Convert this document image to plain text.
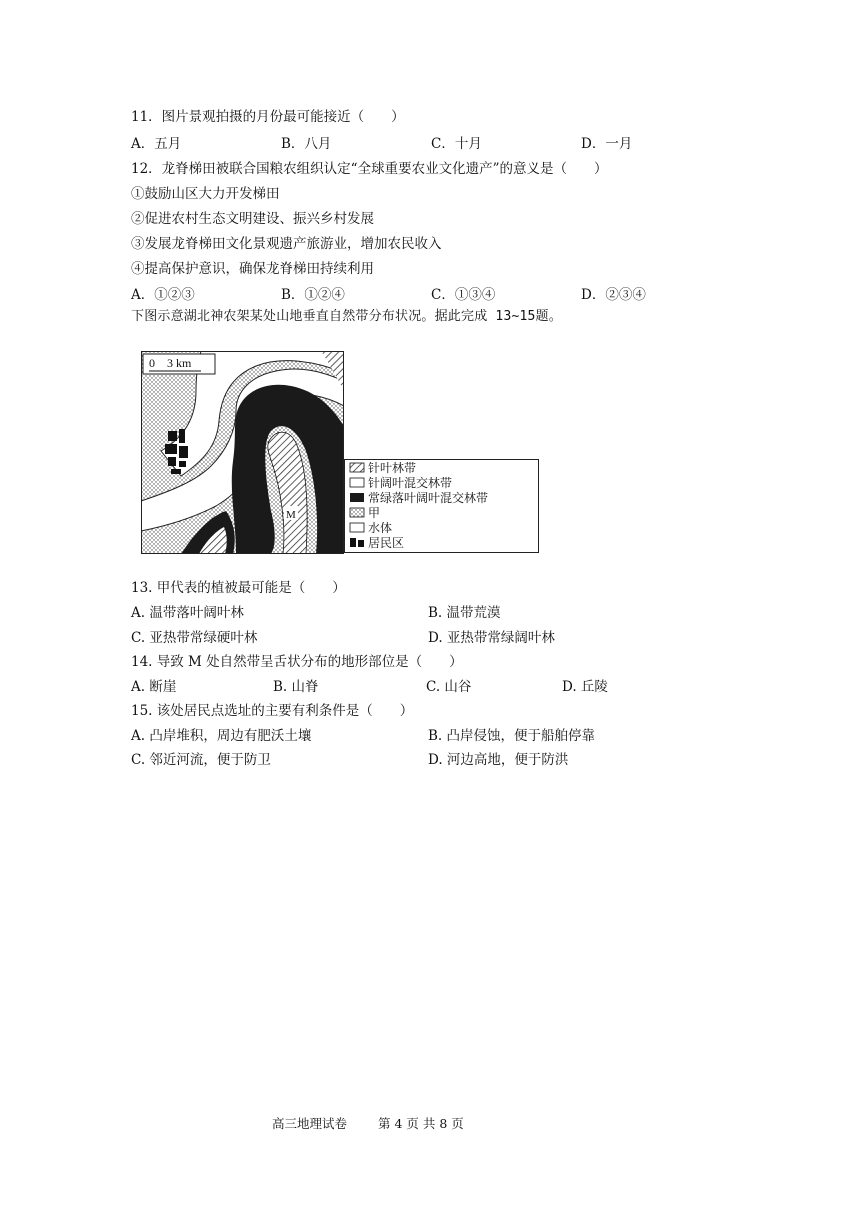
11．图片景观拍摄的月份最可能接近（　　）
A．五月	B．八月	C．十月	D．一月
12．龙脊梯田被联合国粮农组织认定“全球重要农业文化遗产”的意义是（　　）
①鼓励山区大力开发梯田
②促进农村生态文明建设、振兴乡村发展
③发展龙脊梯田文化景观遗产旅游业，增加农民收入
④提高保护意识，确保龙脊梯田持续利用
A．①②③	B．①②④	C．①③④	D．②③④
下图示意湖北神农架某处山地垂直自然带分布状况。据此完成 13~15题。
0　3 km
M
针叶林带
针阔叶混交林带
常绿落叶阔叶混交林带
甲
水体
居民区
13. 甲代表的植被最可能是（　　）
A. 温带落叶阔叶林	B. 温带荒漠
C. 亚热带常绿硬叶林	D. 亚热带常绿阔叶林
14. 导致 M 处自然带呈舌状分布的地形部位是（　　）
A. 断崖	B. 山脊	C. 山谷	D. 丘陵
15. 该处居民点选址的主要有利条件是（　　）
A. 凸岸堆积，周边有肥沃土壤	B. 凸岸侵蚀，便于船舶停靠
C. 邻近河流，便于防卫	D. 河边高地，便于防洪
高三地理试卷 第 4 页 共 8 页
